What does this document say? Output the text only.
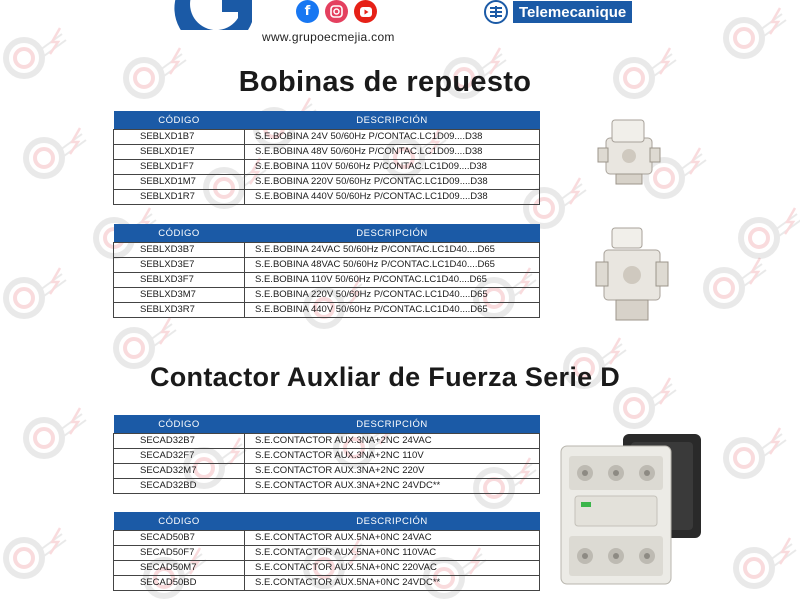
f
www.grupoecmejia.com
Telemecanique
Bobinas de repuesto
CÓDIGO	DESCRIPCIÓN
SEBLXD1B7	S.E.BOBINA 24V 50/60Hz P/CONTAC.LC1D09....D38
SEBLXD1E7	S.E.BOBINA 48V 50/60Hz P/CONTAC.LC1D09....D38
SEBLXD1F7	S.E.BOBINA 110V 50/60Hz P/CONTAC.LC1D09....D38
SEBLXD1M7	S.E.BOBINA 220V 50/60Hz P/CONTAC.LC1D09....D38
SEBLXD1R7	S.E.BOBINA 440V 50/60Hz P/CONTAC.LC1D09....D38
CÓDIGO	DESCRIPCIÓN
SEBLXD3B7	S.E.BOBINA 24VAC 50/60Hz P/CONTAC.LC1D40....D65
SEBLXD3E7	S.E.BOBINA 48VAC 50/60Hz P/CONTAC.LC1D40....D65
SEBLXD3F7	S.E.BOBINA 110V 50/60Hz P/CONTAC.LC1D40....D65
SEBLXD3M7	S.E.BOBINA 220V 50/60Hz P/CONTAC.LC1D40....D65
SEBLXD3R7	S.E.BOBINA 440V 50/60Hz P/CONTAC.LC1D40....D65
Contactor Auxliar de Fuerza Serie D
CÓDIGO	DESCRIPCIÓN
SECAD32B7	S.E.CONTACTOR AUX.3NA+2NC 24VAC
SECAD32F7	S.E.CONTACTOR AUX.3NA+2NC 110V
SECAD32M7	S.E.CONTACTOR AUX.3NA+2NC 220V
SECAD32BD	S.E.CONTACTOR AUX.3NA+2NC 24VDC**
CÓDIGO	DESCRIPCIÓN
SECAD50B7	S.E.CONTACTOR AUX.5NA+0NC 24VAC
SECAD50F7	S.E.CONTACTOR AUX.5NA+0NC 110VAC
SECAD50M7	S.E.CONTACTOR AUX.5NA+0NC 220VAC
SECAD50BD	S.E.CONTACTOR AUX.5NA+0NC 24VDC**
